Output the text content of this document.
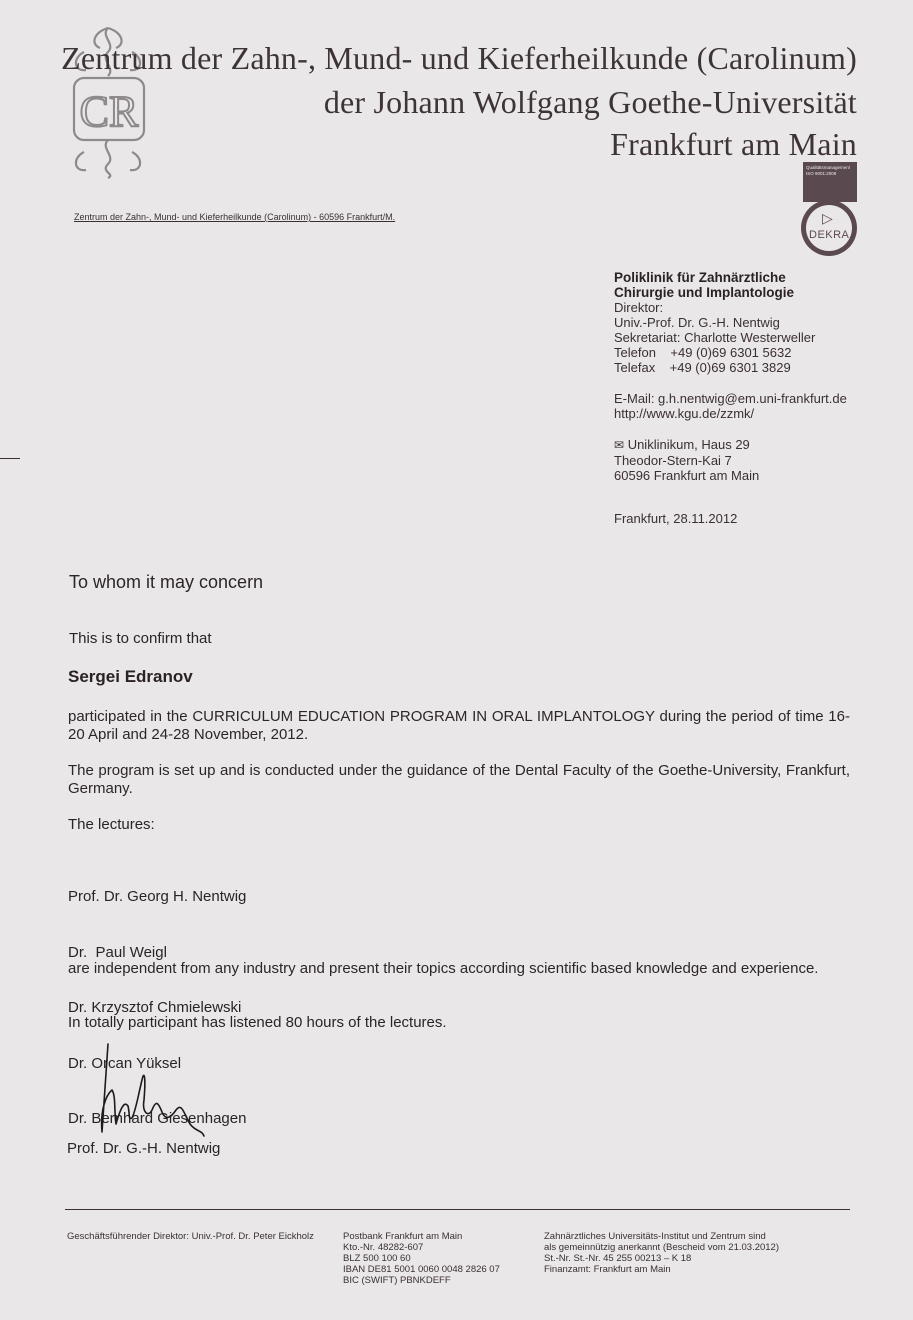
CR
Zentrum der Zahn-, Mund- und Kieferheilkunde (Carolinum)
der Johann Wolfgang Goethe-Universität
Frankfurt am Main
Zentrum der Zahn-, Mund- und Kieferheilkunde (Carolinum) - 60596 Frankfurt/M.
Qualitätsmanagement ISO 9001:2008
▷
DEKRA
Poliklinik für Zahnärztliche
Chirurgie und Implantologie
Direktor:
Univ.-Prof. Dr. G.-H. Nentwig
Sekretariat: Charlotte Westerweller
Telefon    +49 (0)69 6301 5632
Telefax    +49 (0)69 6301 3829
E-Mail: g.h.nentwig@em.uni-frankfurt.de
http://www.kgu.de/zzmk/
✉ Uniklinikum, Haus 29
Theodor-Stern-Kai 7
60596 Frankfurt am Main
Frankfurt, 28.11.2012
To whom it may concern
This is to confirm that
Sergei Edranov
participated in the CURRICULUM EDUCATION PROGRAM IN ORAL IMPLANTOLOGY during the period of time 16-20 April and 24-28 November, 2012.
The program is set up and is conducted under the guidance of the Dental Faculty of the Goethe-University, Frankfurt, Germany.
The lectures:

Prof. Dr. Georg H. Nentwig

Dr.  Paul Weigl

Dr. Krzysztof Chmielewski

Dr. Orcan Yüksel

Dr. Bernhard Giesenhagen

are independent from any industry and present their topics according scientific based knowledge and experience.
In totally participant has listened 80 hours of the lectures.
Prof. Dr. G.-H. Nentwig
Geschäftsführender Direktor: Univ.-Prof. Dr. Peter Eickholz	Postbank Frankfurt am Main
Kto.-Nr. 48282-607
BLZ 500 100 60
IBAN DE81 5001 0060 0048 2826 07
BIC (SWIFT) PBNKDEFF
Zahnärztliches Universitäts-Institut und Zentrum sind
als gemeinnützig anerkannt (Bescheid vom 21.03.2012)
St.-Nr. St.-Nr. 45 255 00213 – K 18
Finanzamt: Frankfurt am Main
